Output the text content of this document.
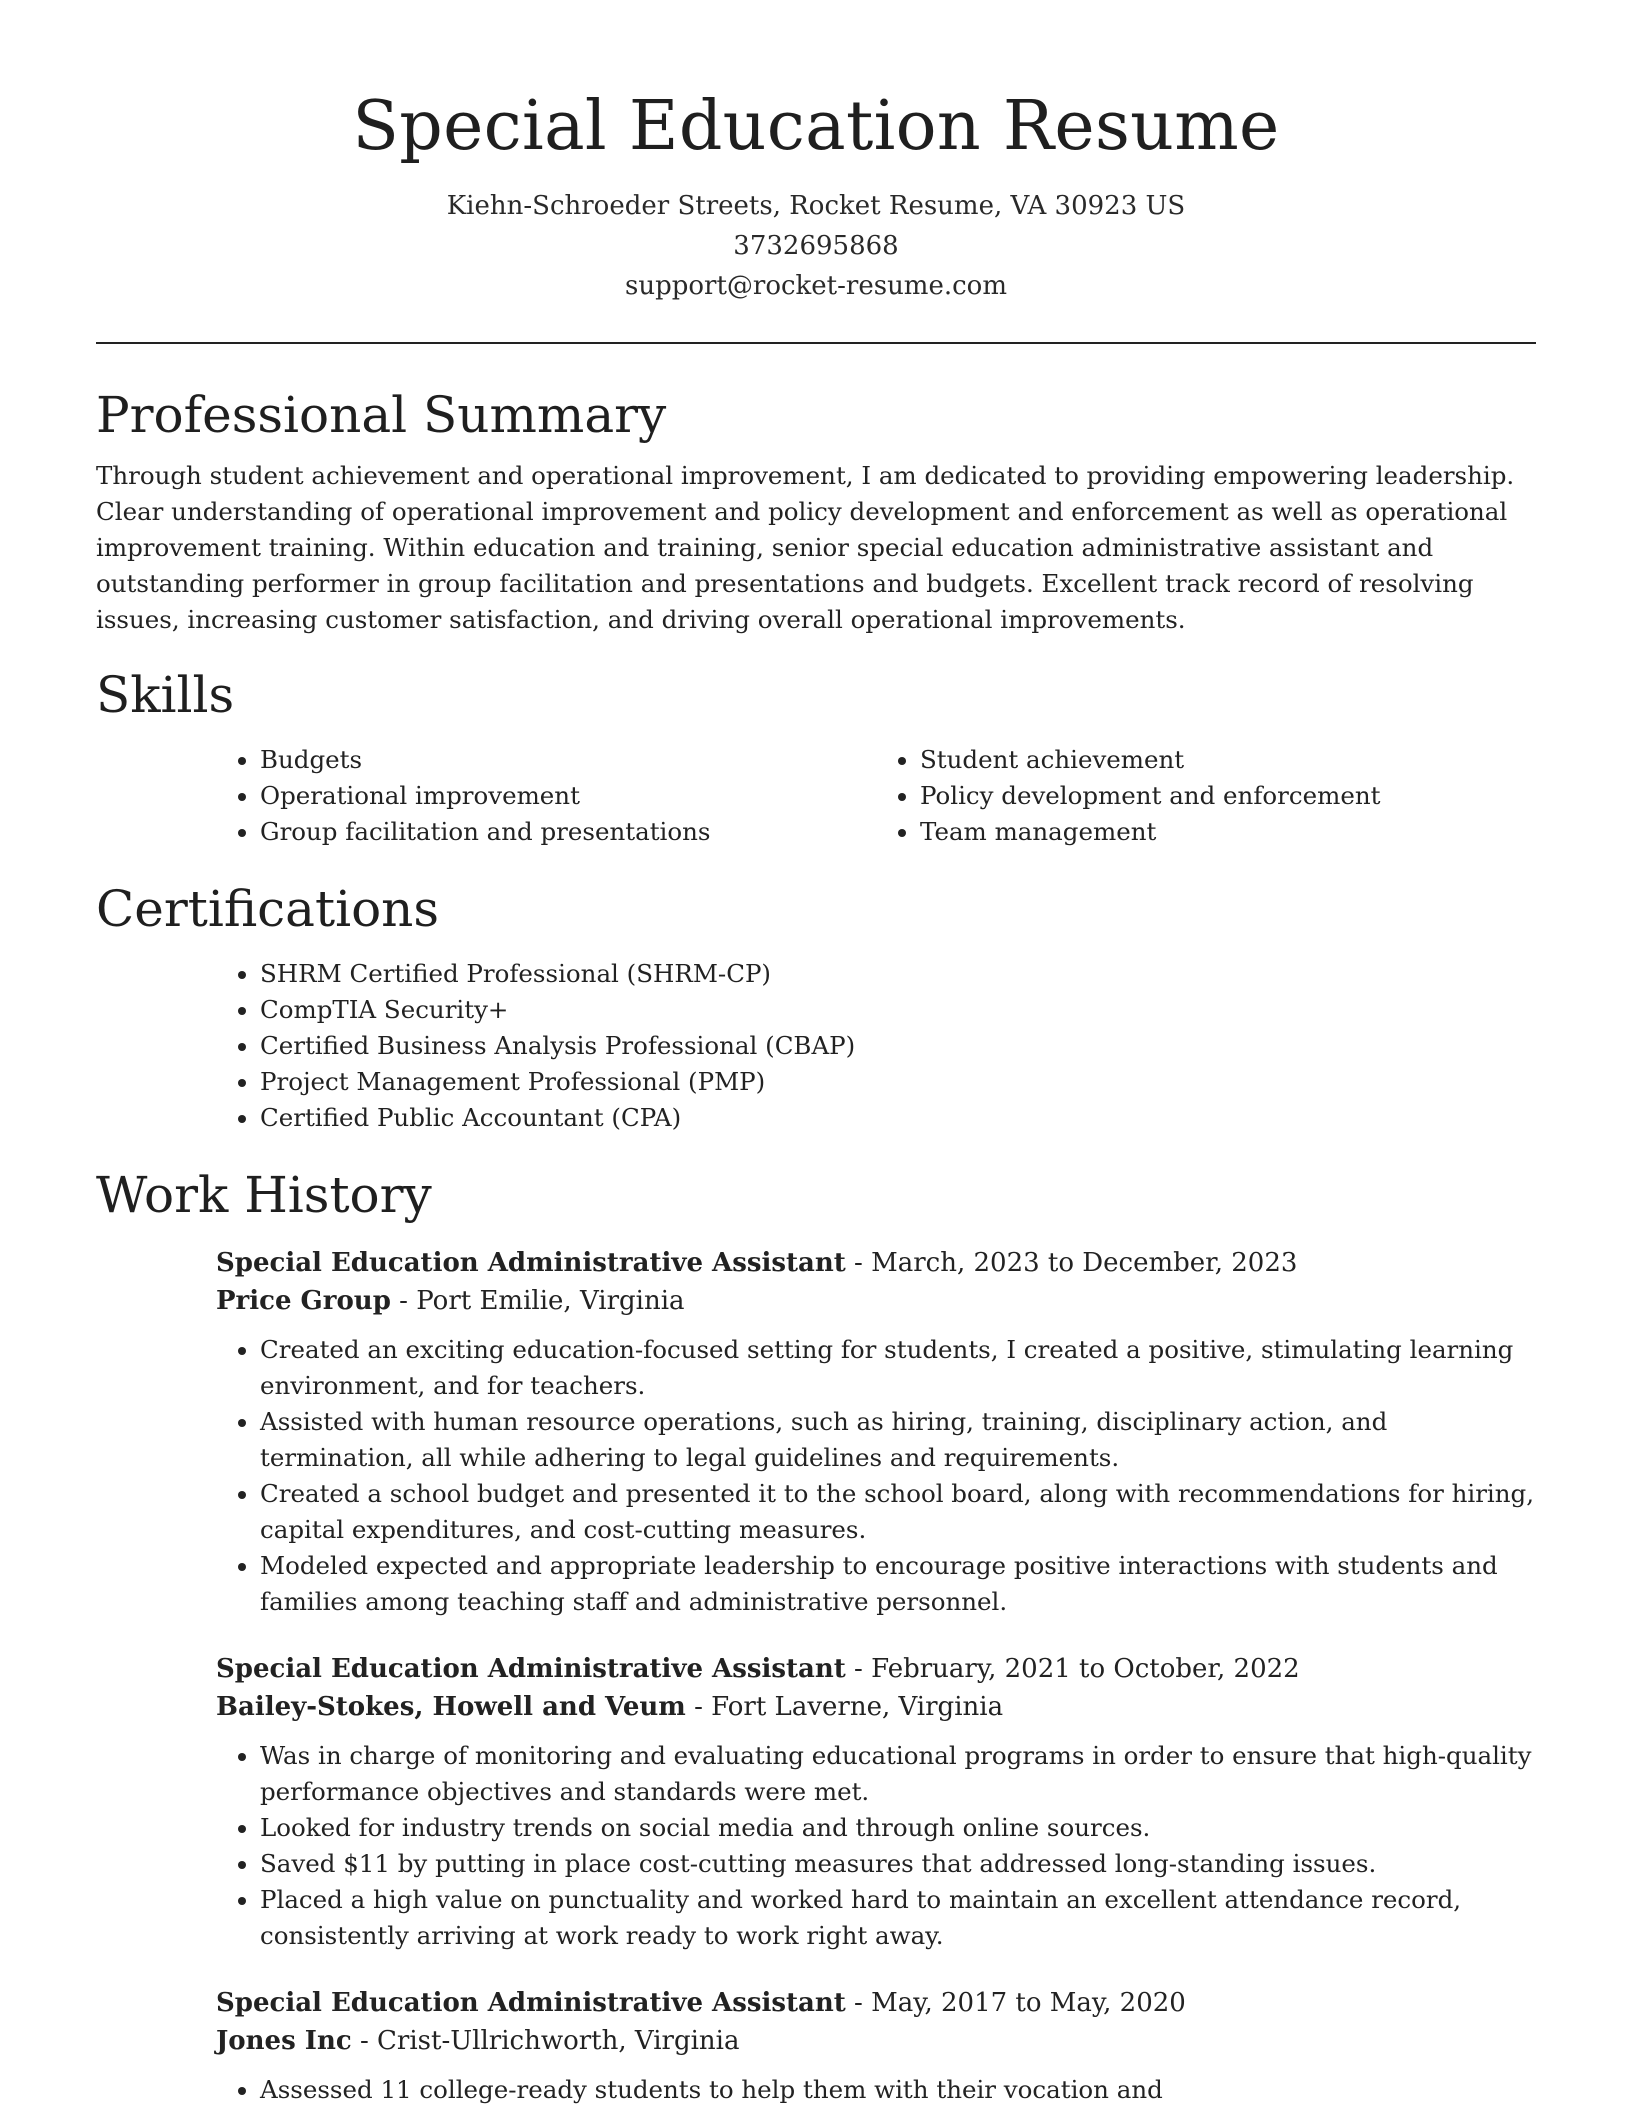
Special Education Resume
Kiehn-Schroeder Streets, Rocket Resume, VA 30923 US
3732695868
support@rocket-resume.com
Professional Summary

Through student achievement and operational improvement, I am dedicated to providing empowering leadership. Clear understanding of operational improvement and policy development and enforcement as well as operational improvement training. Within education and training, senior special education administrative assistant and outstanding performer in group facilitation and presentations and budgets. Excellent track record of resolving issues, increasing customer satisfaction, and driving overall operational improvements.

Skills
• Budgets
• Operational improvement
• Group facilitation and presentations
• Student achievement
• Policy development and enforcement
• Team management
Certifications
• SHRM Certified Professional (SHRM-CP)
• CompTIA Security+
• Certified Business Analysis Professional (CBAP)
• Project Management Professional (PMP)
• Certified Public Accountant (CPA)
Work History
Special Education Administrative Assistant - March, 2023 to December, 2023
Price Group - Port Emilie, Virginia
• Created an exciting education-focused setting for students, I created a positive, stimulating learning environment, and for teachers.
• Assisted with human resource operations, such as hiring, training, disciplinary action, and termination, all while adhering to legal guidelines and requirements.
• Created a school budget and presented it to the school board, along with recommendations for hiring, capital expenditures, and cost-cutting measures.
• Modeled expected and appropriate leadership to encourage positive interactions with students and families among teaching staff and administrative personnel.
Special Education Administrative Assistant - February, 2021 to October, 2022
Bailey-Stokes, Howell and Veum - Fort Laverne, Virginia
• Was in charge of monitoring and evaluating educational programs in order to ensure that high-quality performance objectives and standards were met.
• Looked for industry trends on social media and through online sources.
• Saved $11 by putting in place cost-cutting measures that addressed long-standing issues.
• Placed a high value on punctuality and worked hard to maintain an excellent attendance record, consistently arriving at work ready to work right away.
Special Education Administrative Assistant - May, 2017 to May, 2020
Jones Inc - Crist-Ullrichworth, Virginia
• Assessed 11 college-ready students to help them with their vocation and
